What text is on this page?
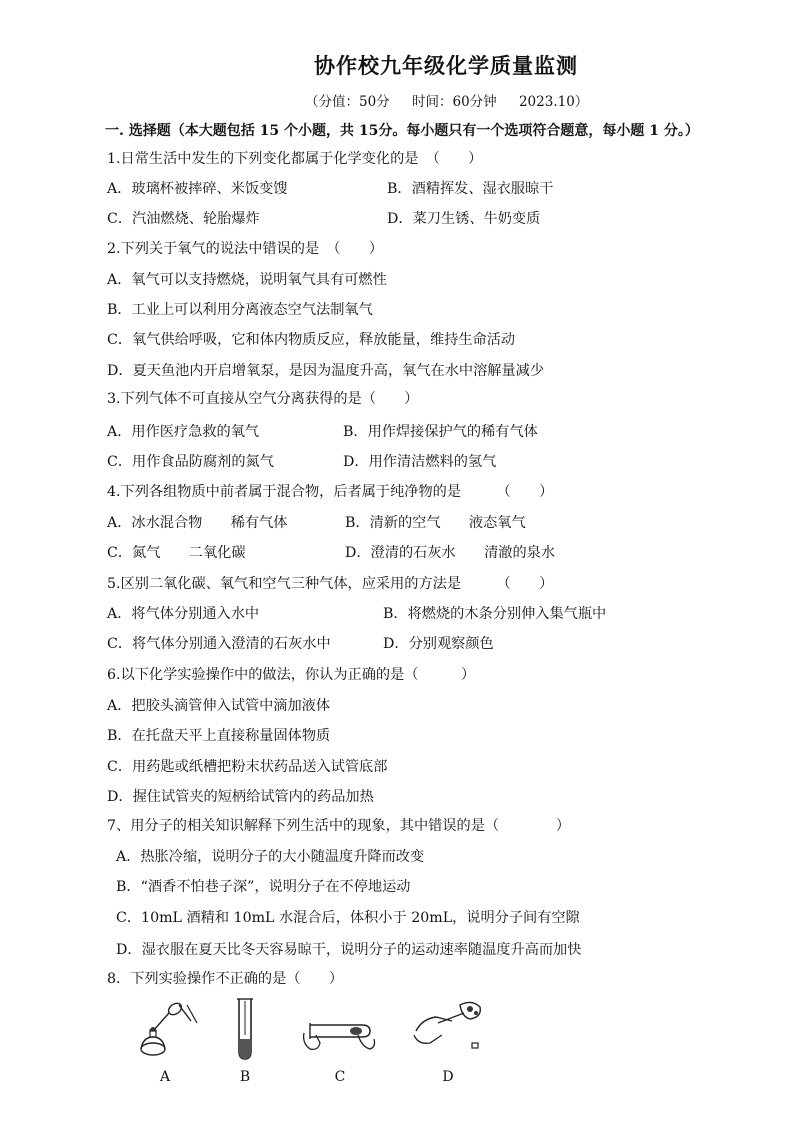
协作校九年级化学质量监测
（分值：50分 时间：60分钟 2023.10）
一. 选择题（本大题包括 15 个小题，共 15分。每小题只有一个选项符合题意，每小题 1 分。）
1.日常生活中发生的下列变化都属于化学变化的是　（　　）
A．玻璃杯被摔碎、米饭变馊	B．酒精挥发、湿衣服晾干
C．汽油燃烧、轮胎爆炸	D．菜刀生锈、牛奶变质
2.下列关于氧气的说法中错误的是　（　　）
A．氧气可以支持燃烧，说明氧气具有可燃性
B．工业上可以利用分离液态空气法制氧气
C．氧气供给呼吸，它和体内物质反应，释放能量，维持生命活动
D．夏天鱼池内开启增氧泵，是因为温度升高，氧气在水中溶解量减少
3.下列气体不可直接从空气分离获得的是（　　）
A．用作医疗急救的氧气	B．用作焊接保护气的稀有气体
C．用作食品防腐剂的氮气	D．用作清洁燃料的氢气
4.下列各组物质中前者属于混合物，后者属于纯净物的是　　　（　　）
A．冰水混合物　　稀有气体	B．清新的空气　　液态氧气
C．氮气　　二氧化碳	D．澄清的石灰水　　清澈的泉水
5.区别二氧化碳、氧气和空气三种气体，应采用的方法是　　　（　　）
A．将气体分别通入水中	B．将燃烧的木条分别伸入集气瓶中
C．将气体分别通入澄清的石灰水中	D．分别观察颜色
6.以下化学实验操作中的做法，你认为正确的是（　　　）
A．把胶头滴管伸入试管中滴加液体
B．在托盘天平上直接称量固体物质
C．用药匙或纸槽把粉末状药品送入试管底部
D．握住试管夹的短柄给试管内的药品加热
7、用分子的相关知识解释下列生活中的现象，其中错误的是（　　　　）
A．热胀冷缩，说明分子的大小随温度升降而改变
B．“酒香不怕巷子深”，说明分子在不停地运动
C．10mL 酒精和 10mL 水混合后，体积小于 20mL，说明分子间有空隙
D．湿衣服在夏天比冬天容易晾干，说明分子的运动速率随温度升高而加快
8．下列实验操作不正确的是（　　）
A	B	C	D
